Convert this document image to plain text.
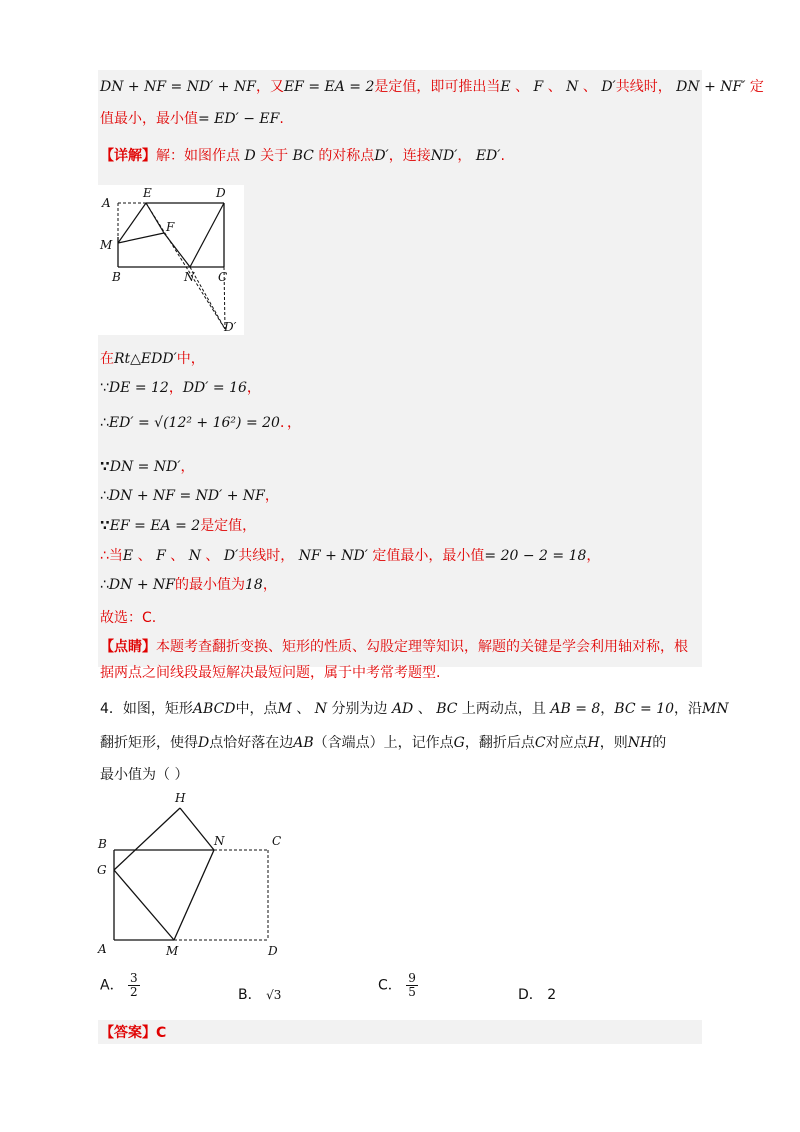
DN + NF = ND′ + NF，又EF = EA = 2是定值，即可推出当E 、 F 、 N 、 D′共线时， DN + NF′ 定
值最小，最小值= ED′ − EF.
【详解】解：如图作点 D 关于 BC 的对称点D′，连接ND′， ED′.
A
E	D
M
F
B	N C
D′
在Rt△EDD′中，
∵DE = 12，DD′ = 16，
∴ED′ = √(12² + 16²) = 20．，
∵DN = ND′，
∴DN + NF = ND′ + NF，
∵EF = EA = 2是定值，
∴当E 、 F 、 N 、 D′共线时， NF + ND′ 定值最小，最小值= 20 − 2 = 18，
∴DN + NF的最小值为18，
故选：C.
【点睛】本题考查翻折变换、矩形的性质、勾股定理等知识，解题的关键是学会利用轴对称，根
据两点之间线段最短解决最短问题，属于中考常考题型.
4．如图，矩形ABCD中，点M 、 N 分别为边 AD 、 BC 上两动点，且 AB = 8，BC = 10，沿MN
翻折矩形，使得D点恰好落在边AB（含端点）上，记作点G，翻折后点C对应点H，则NH的
最小值为（ ）
H
B	N	C
G
A	M	D
A． $\frac{3}{2}$	B． √3
C． $\frac{9}{5}$	D． 2
【答案】C
